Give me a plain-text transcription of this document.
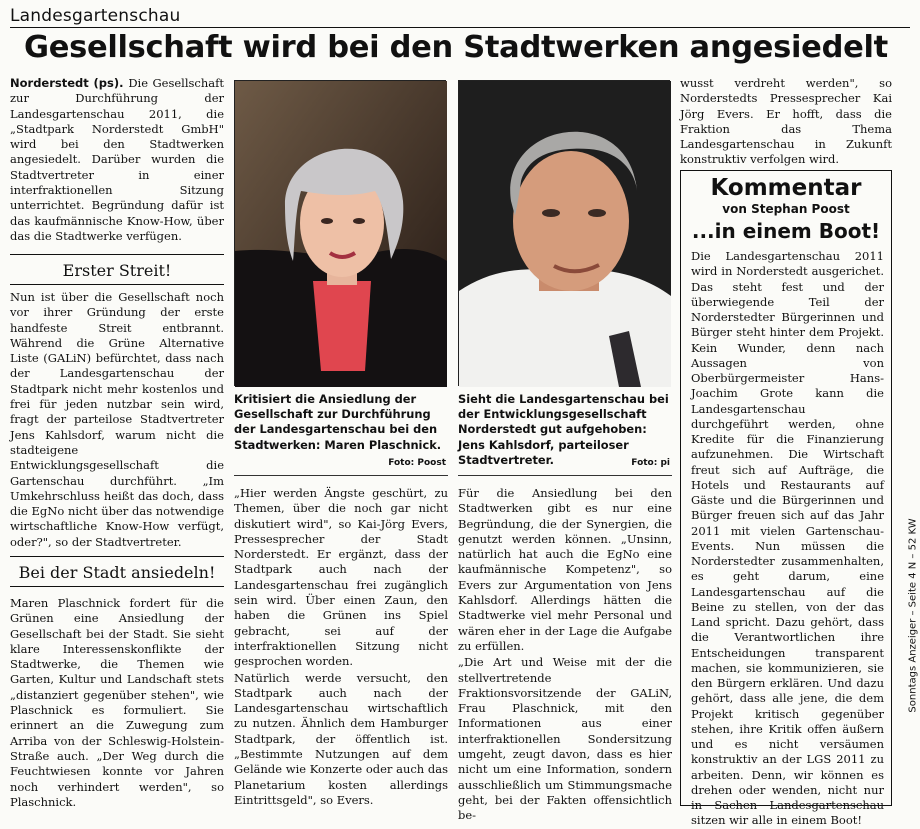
Landesgartenschau
Gesellschaft wird bei den Stadtwerken angesiedelt
Norderstedt (ps). Die Gesellschaft zur Durchführung der Landesgartenschau 2011, die „Stadtpark Norderstedt GmbH" wird bei den Stadtwerken angesiedelt. Darüber wurden die Stadtvertreter in einer interfraktionellen Sitzung unterrichtet. Begründung dafür ist das kaufmännische Know-How, über das die Stadtwerke verfügen.
Erster Streit!
Nun ist über die Gesellschaft noch vor ihrer Gründung der erste handfeste Streit entbrannt. Während die Grüne Alternative Liste (GALiN) befürchtet, dass nach der Landesgartenschau der Stadtpark nicht mehr kostenlos und frei für jeden nutzbar sein wird, fragt der parteilose Stadtvertreter Jens Kahlsdorf, warum nicht die stadteigene Entwicklungsgesellschaft die Gartenschau durchführt. „Im Umkehrschluss heißt das doch, dass die EgNo nicht über das notwendige wirtschaftliche Know-How verfügt, oder?", so der Stadtvertreter.
Bei der Stadt ansiedeln!
Maren Plaschnick fordert für die Grünen eine Ansiedlung der Gesellschaft bei der Stadt. Sie sieht klare Interessenskonflikte der Stadtwerke, die Themen wie Garten, Kultur und Landschaft stets „distanziert gegenüber stehen", wie Plaschnick es formuliert. Sie erinnert an die Zuwegung zum Arriba von der Schleswig-Holstein-Straße auch. „Der Weg durch die Feuchtwiesen konnte vor Jahren noch verhindert werden", so Plaschnick.
Kritisiert die Ansiedlung der Gesellschaft zur Durchführung der Landesgartenschau bei den Stadtwerken: Maren Plaschnick.
Foto: Poost
Sieht die Landesgartenschau bei der Entwicklungsgesellschaft Norderstedt gut aufgehoben: Jens Kahlsdorf, parteiloser Stadtvertreter.	Foto: pi

„Hier werden Ängste geschürt, zu Themen, über die noch gar nicht diskutiert wird", so Kai-Jörg Evers, Pressesprecher der Stadt Norderstedt. Er ergänzt, dass der Stadtpark auch nach der Landesgartenschau frei zugänglich sein wird. Über einen Zaun, den haben die Grünen ins Spiel gebracht, sei auf der interfraktionellen Sitzung nicht gesprochen worden.

Natürlich werde versucht, den Stadtpark auch nach der Landesgartenschau wirtschaftlich zu nutzen. Ähnlich dem Hamburger Stadtpark, der öffentlich ist. „Bestimmte Nutzungen auf dem Gelände wie Konzerte oder auch das Planetarium kosten allerdings Eintrittsgeld", so Evers.

Für die Ansiedlung bei den Stadtwerken gibt es nur eine Begründung, die der Synergien, die genutzt werden können. „Unsinn, natürlich hat auch die EgNo eine kaufmännische Kompetenz", so Evers zur Argumentation von Jens Kahlsdorf. Allerdings hätten die Stadtwerke viel mehr Personal und wären eher in der Lage die Aufgabe zu erfüllen.

„Die Art und Weise mit der die stellvertretende Fraktionsvorsitzende der GALiN, Frau Plaschnick, mit den Informationen aus einer interfraktionellen Sondersitzung umgeht, zeugt davon, dass es hier nicht um eine Information, sondern ausschließlich um Stimmungsmache geht, bei der Fakten offensichtlich be-

wusst verdreht werden", so Norderstedts Pressesprecher Kai Jörg Evers. Er hofft, dass die Fraktion das Thema Landesgartenschau in Zukunft konstruktiv verfolgen wird.
Kommentar
von Stephan Poost
...in einem Boot!
Die Landesgartenschau 2011 wird in Norderstedt ausgerichet. Das steht fest und der überwiegende Teil der Norderstedter Bürgerinnen und Bürger steht hinter dem Projekt. Kein Wunder, denn nach Aussagen von Oberbürgermeister Hans-Joachim Grote kann die Landesgartenschau durchgeführt werden, ohne Kredite für die Finanzierung aufzunehmen. Die Wirtschaft freut sich auf Aufträge, die Hotels und Restaurants auf Gäste und die Bürgerinnen und Bürger freuen sich auf das Jahr 2011 mit vielen Gartenschau-Events. Nun müssen die Norderstedter zusammenhalten, es geht darum, eine Landesgartenschau auf die Beine zu stellen, von der das Land spricht. Dazu gehört, dass die Verantwortlichen ihre Entscheidungen transparent machen, sie kommunizieren, sie den Bürgern erklären. Und dazu gehört, dass alle jene, die dem Projekt kritisch gegenüber stehen, ihre Kritik offen äußern und es nicht versäumen konstruktiv an der LGS 2011 zu arbeiten. Denn, wir können es drehen oder wenden, nicht nur in Sachen Landesgartenschau sitzen wir alle in einem Boot!
Sonntags Anzeiger – Seite 4 N – 52 KW
